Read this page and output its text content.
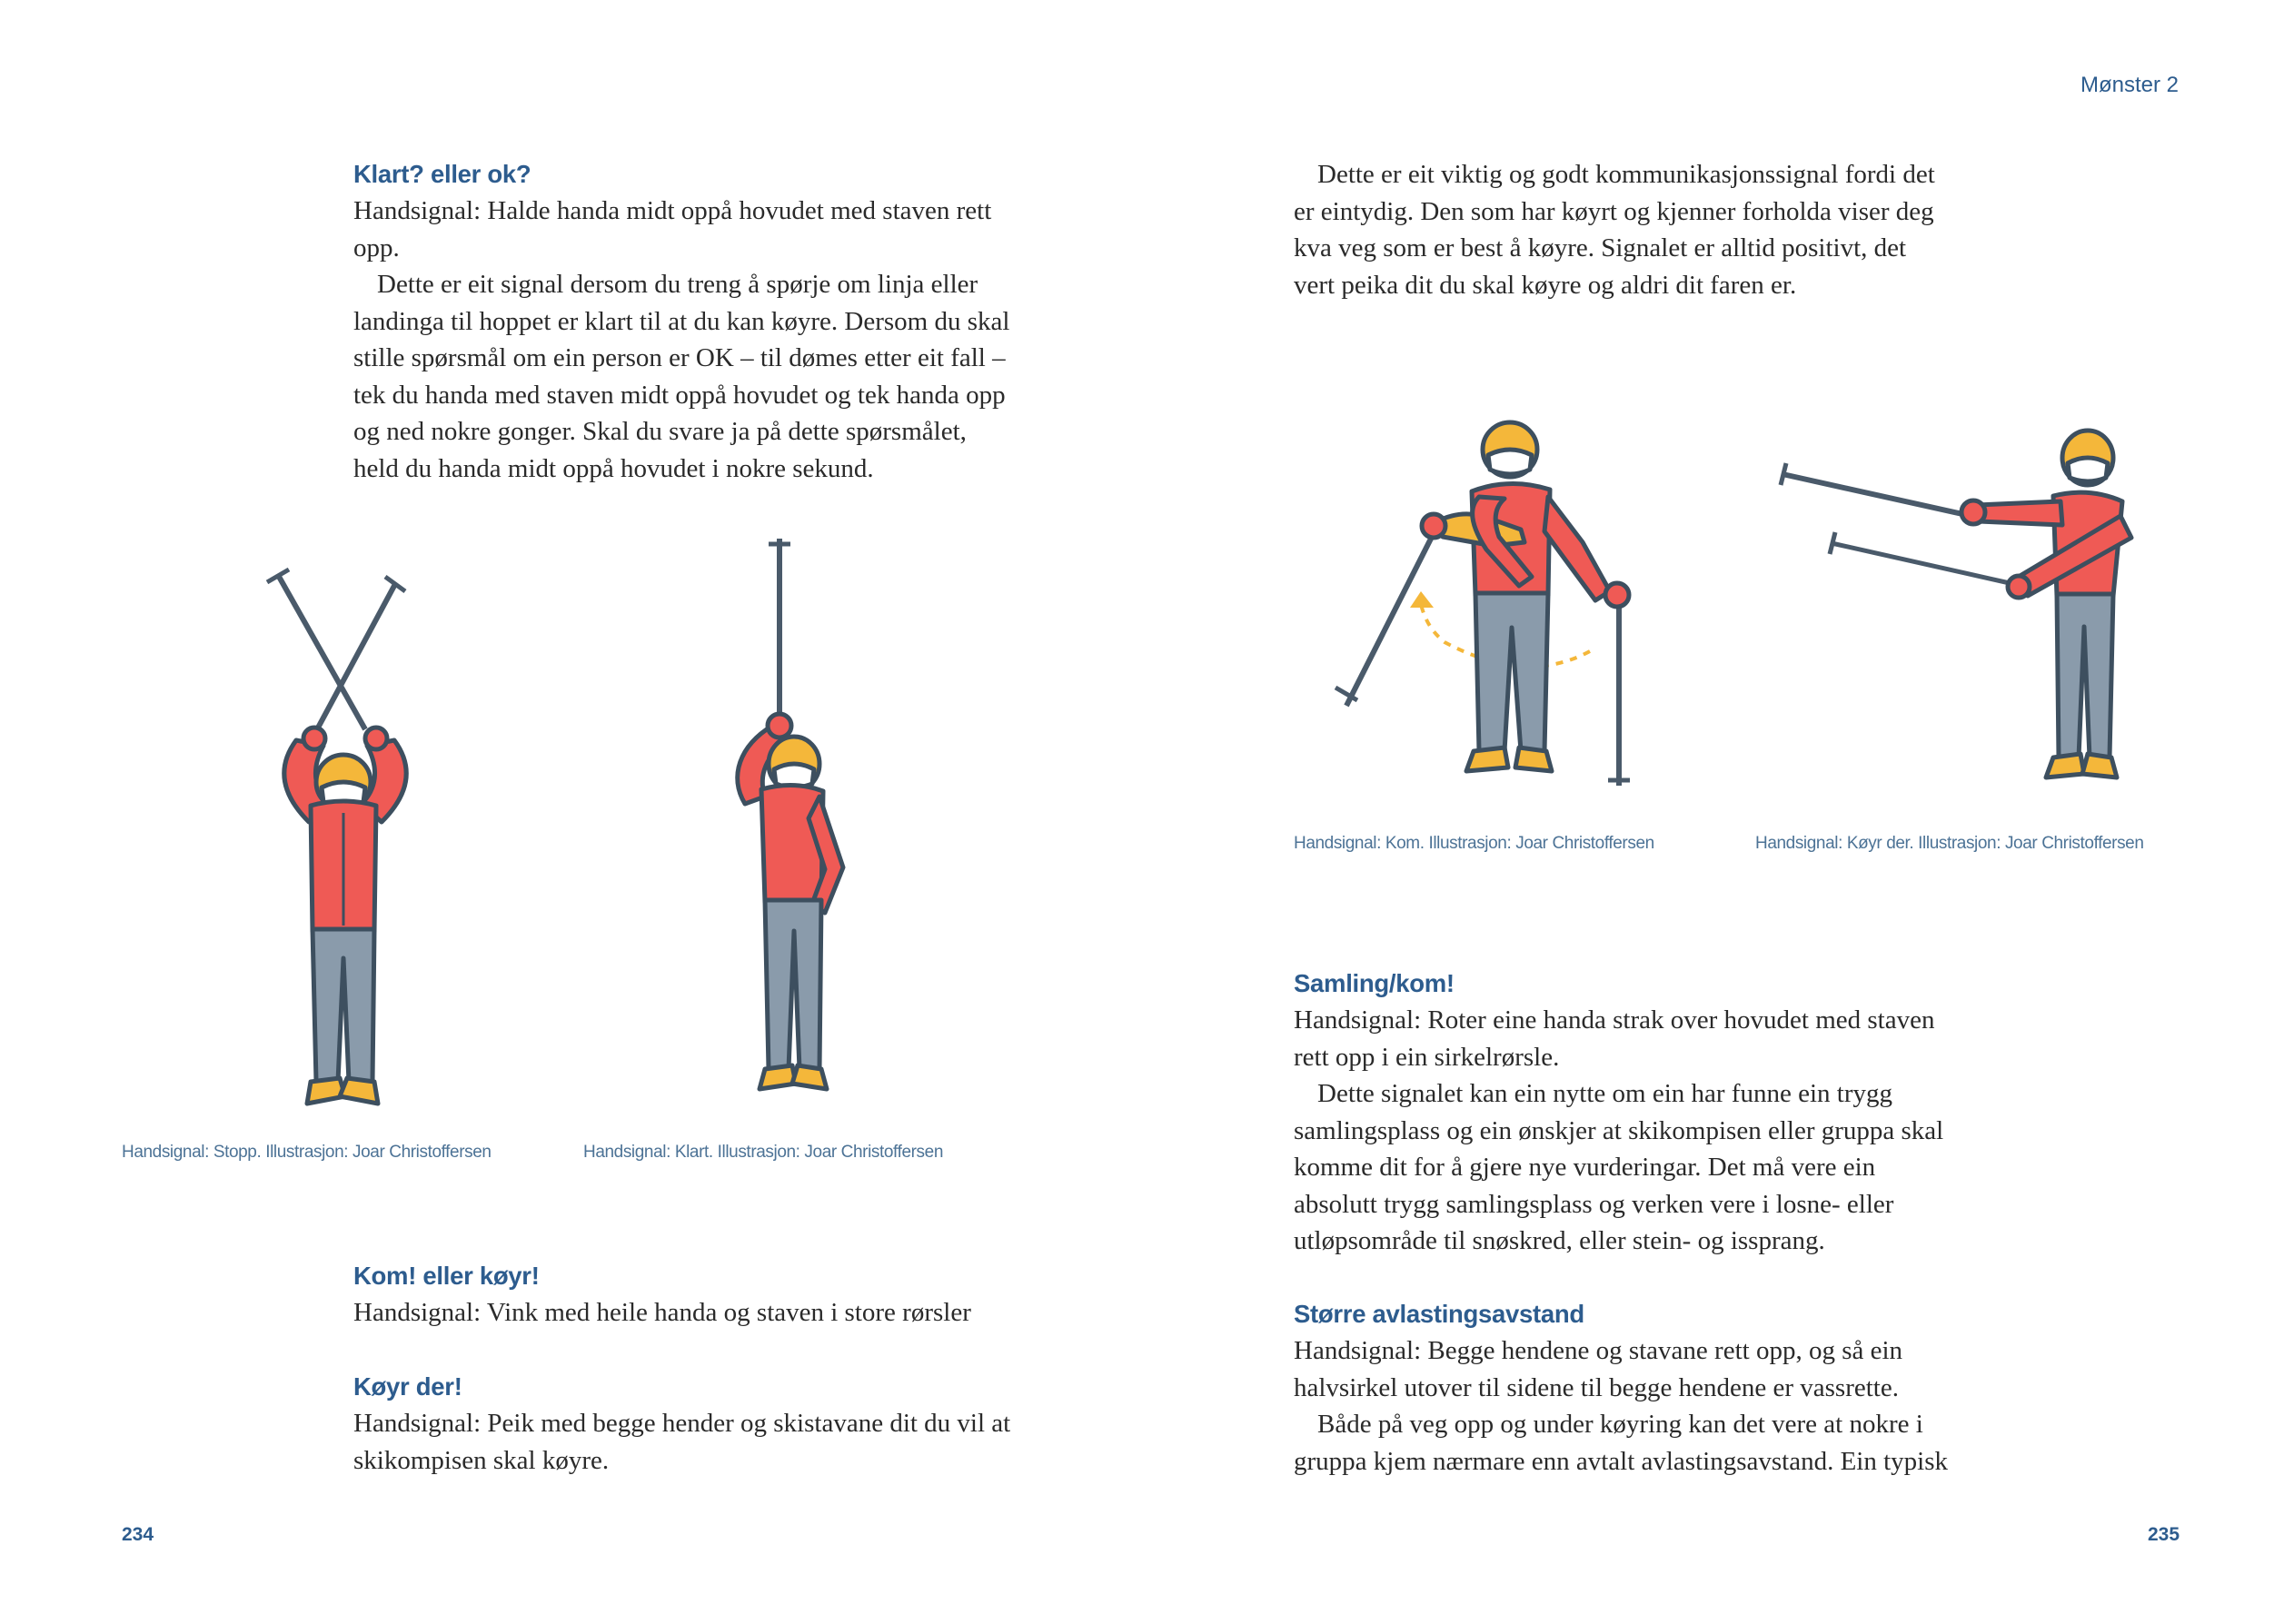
Mønster 2
234	235
Klart? eller ok?

Handsignal: Halde handa midt oppå hovudet med staven rett opp.

Dette er eit signal dersom du treng å spørje om linja eller landinga til hoppet er klart til at du kan køyre. Dersom du skal stille spørsmål om ein person er OK – til dømes etter eit fall – tek du handa med staven midt oppå hovudet og tek handa opp og ned nokre gonger. Skal du svare ja på dette spørsmålet, held du handa midt oppå hovudet i nokre sekund.

Handsignal: Stopp. Illustrasjon: Joar Christoffersen	Handsignal: Klart. Illustrasjon: Joar Christoffersen
Kom! eller køyr!

Handsignal: Vink med heile handa og staven i store rørsler

Køyr der!

Handsignal: Peik med begge hender og skistavane dit du vil at skikompisen skal køyre.

Dette er eit viktig og godt kommunikasjonssignal fordi det er eintydig. Den som har køyrt og kjenner forholda viser deg kva veg som er best å køyre. Signalet er alltid positivt, det vert peika dit du skal køyre og aldri dit faren er.

Handsignal: Kom. Illustrasjon: Joar Christoffersen	Handsignal: Køyr der. Illustrasjon: Joar Christoffersen
Samling/kom!

Handsignal: Roter eine handa strak over hovudet med staven rett opp i ein sirkelrørsle.

Dette signalet kan ein nytte om ein har funne ein trygg samlingsplass og ein ønskjer at skikompisen eller gruppa skal komme dit for å gjere nye vurderingar. Det må vere ein absolutt trygg samlingsplass og verken vere i losne- eller utløpsområde til snøskred, eller stein- og issprang.

Større avlastingsavstand

Handsignal: Begge hendene og stavane rett opp, og så ein halvsirkel utover til sidene til begge hendene er vassrette.

Både på veg opp og under køyring kan det vere at nokre i gruppa kjem nærmare enn avtalt avlastingsavstand. Ein typisk
